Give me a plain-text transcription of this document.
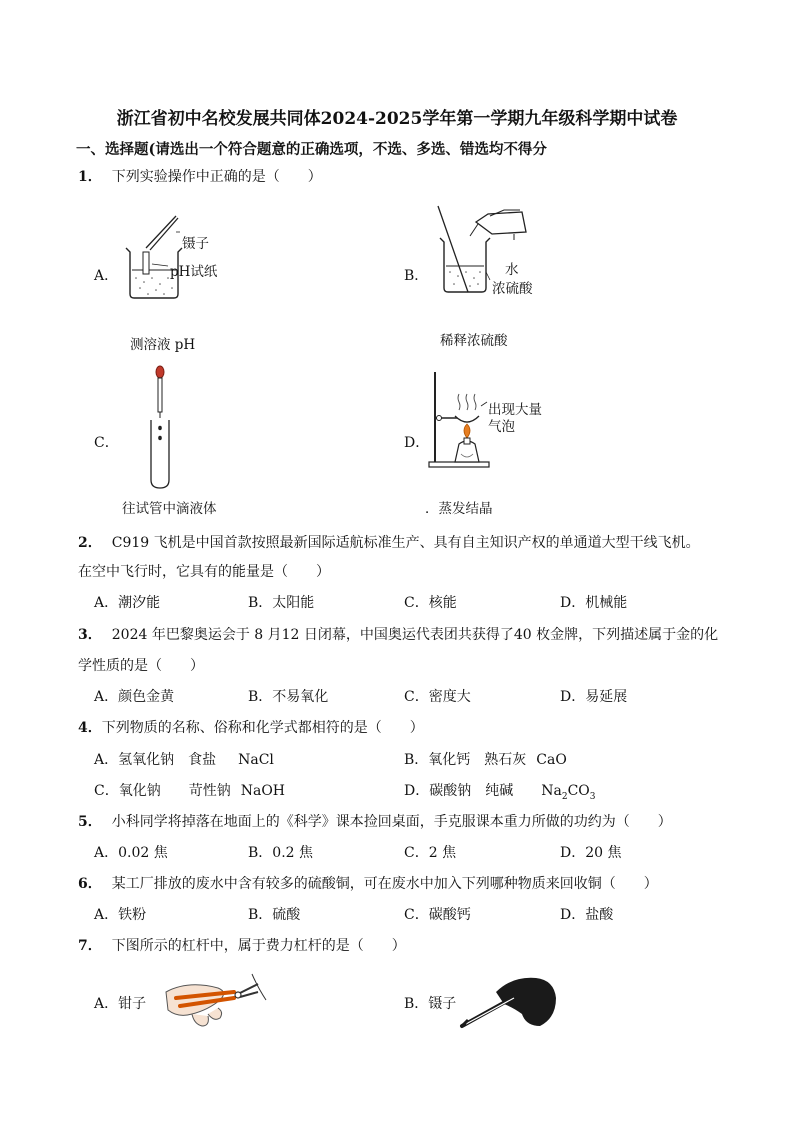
浙江省初中名校发展共同体2024-2025学年第一学期九年级科学期中试卷
一、选择题(请选出一个符合题意的正确选项，不选、多选、错选均不得分
1． 下列实验操作中正确的是（　　）
A．
镊子
pH试纸
测溶液 pH
B．	水
浓硫酸
稀释浓硫酸
C．
往试管中滴液体
D．
出现大量
气泡
．蒸发结晶
2． C919 飞机是中国首款按照最新国际适航标准生产、具有自主知识产权的单通道大型干线飞机。
在空中飞行时，它具有的能量是（　　）
A．潮汐能	B．太阳能	C．核能	D．机械能
3． 2024 年巴黎奥运会于 8 月12 日闭幕，中国奥运代表团共获得了40 枚金牌，下列描述属于金的化
学性质的是（　　）
A．颜色金黄	B．不易氧化	C．密度大	D．易延展
4．下列物质的名称、俗称和化学式都相符的是（　　）
A．氢氧化钠 食盐 NaCl	B．氧化钙 熟石灰 CaO
C．氧化钠 苛性钠 NaOH	D．碳酸钠 纯碱 $Na_2CO_3$
5． 小科同学将掉落在地面上的《科学》课本捡回桌面，手克服课本重力所做的功约为（　　）
A．0.02 焦	B．0.2 焦	C．2 焦	D．20 焦
6． 某工厂排放的废水中含有较多的硫酸铜，可在废水中加入下列哪种物质来回收铜（　　）
A．铁粉	B．硫酸	C．碳酸钙	D．盐酸
7． 下图所示的杠杆中，属于费力杠杆的是（　　）
A．钳子	B．镊子
